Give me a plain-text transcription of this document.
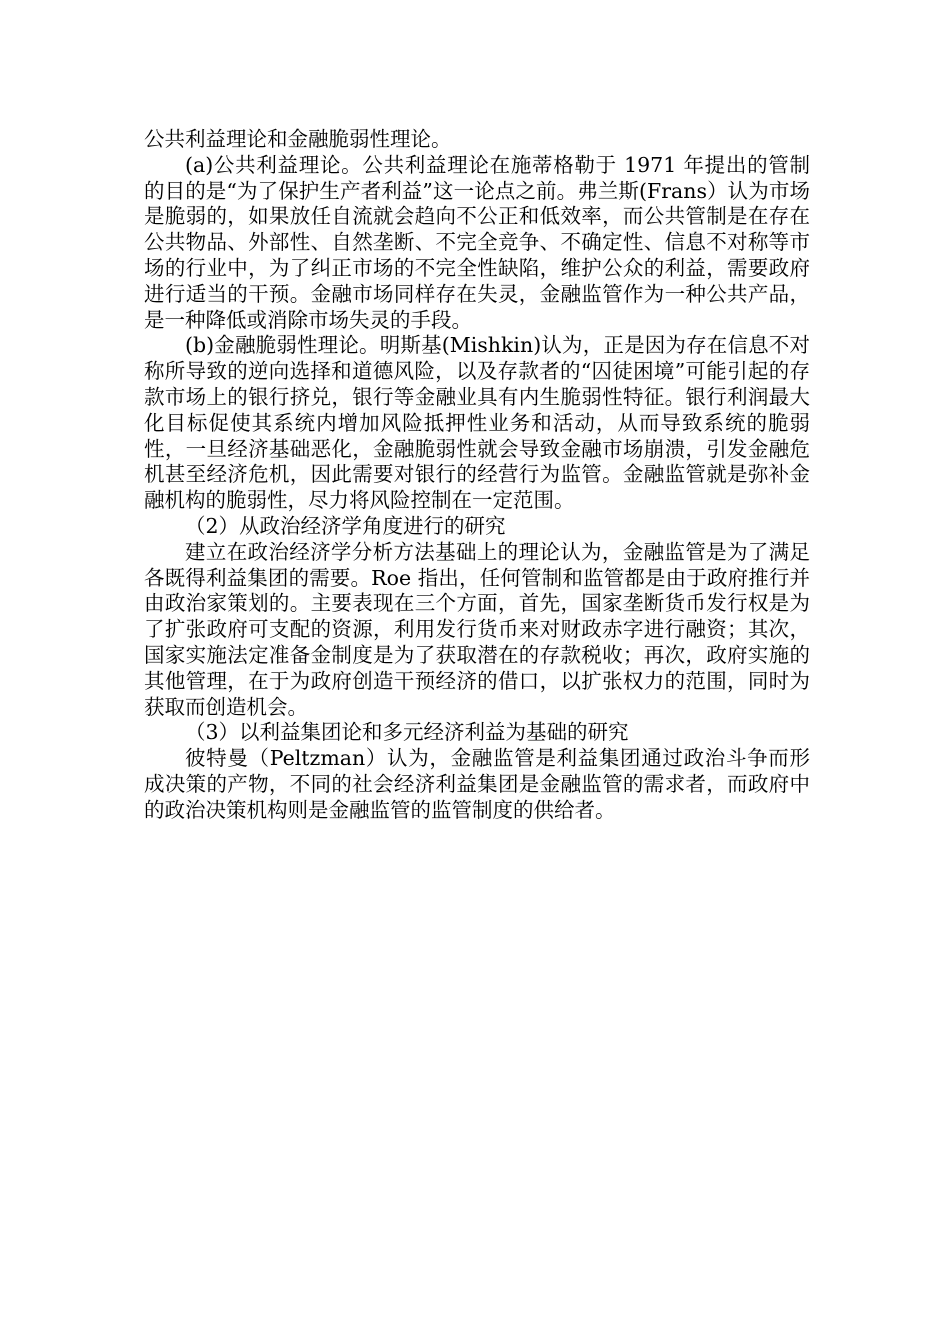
公共利益理论和金融脆弱性理论。

(a)公共利益理论。公共利益理论在施蒂格勒于 1971 年提出的管制的目的是“为了保护生产者利益”这一论点之前。弗兰斯(Frans）认为市场是脆弱的，如果放任自流就会趋向不公正和低效率，而公共管制是在存在公共物品、外部性、自然垄断、不完全竞争、不确定性、信息不对称等市场的行业中，为了纠正市场的不完全性缺陷，维护公众的利益，需要政府进行适当的干预。金融市场同样存在失灵，金融监管作为一种公共产品，是一种降低或消除市场失灵的手段。

(b)金融脆弱性理论。明斯基(Mishkin)认为，正是因为存在信息不对称所导致的逆向选择和道德风险，以及存款者的“囚徒困境”可能引起的存款市场上的银行挤兑，银行等金融业具有内生脆弱性特征。银行利润最大化目标促使其系统内增加风险抵押性业务和活动，从而导致系统的脆弱性，一旦经济基础恶化，金融脆弱性就会导致金融市场崩溃，引发金融危机甚至经济危机，因此需要对银行的经营行为监管。金融监管就是弥补金融机构的脆弱性，尽力将风险控制在一定范围。

（2）从政治经济学角度进行的研究

建立在政治经济学分析方法基础上的理论认为，金融监管是为了满足各既得利益集团的需要。Roe 指出，任何管制和监管都是由于政府推行并由政治家策划的。主要表现在三个方面，首先，国家垄断货币发行权是为了扩张政府可支配的资源，利用发行货币来对财政赤字进行融资；其次，国家实施法定准备金制度是为了获取潜在的存款税收；再次，政府实施的其他管理，在于为政府创造干预经济的借口，以扩张权力的范围，同时为获取而创造机会。

（3）以利益集团论和多元经济利益为基础的研究

彼特曼（Peltzman）认为，金融监管是利益集团通过政治斗争而形成决策的产物，不同的社会经济利益集团是金融监管的需求者，而政府中的政治决策机构则是金融监管的监管制度的供给者。
